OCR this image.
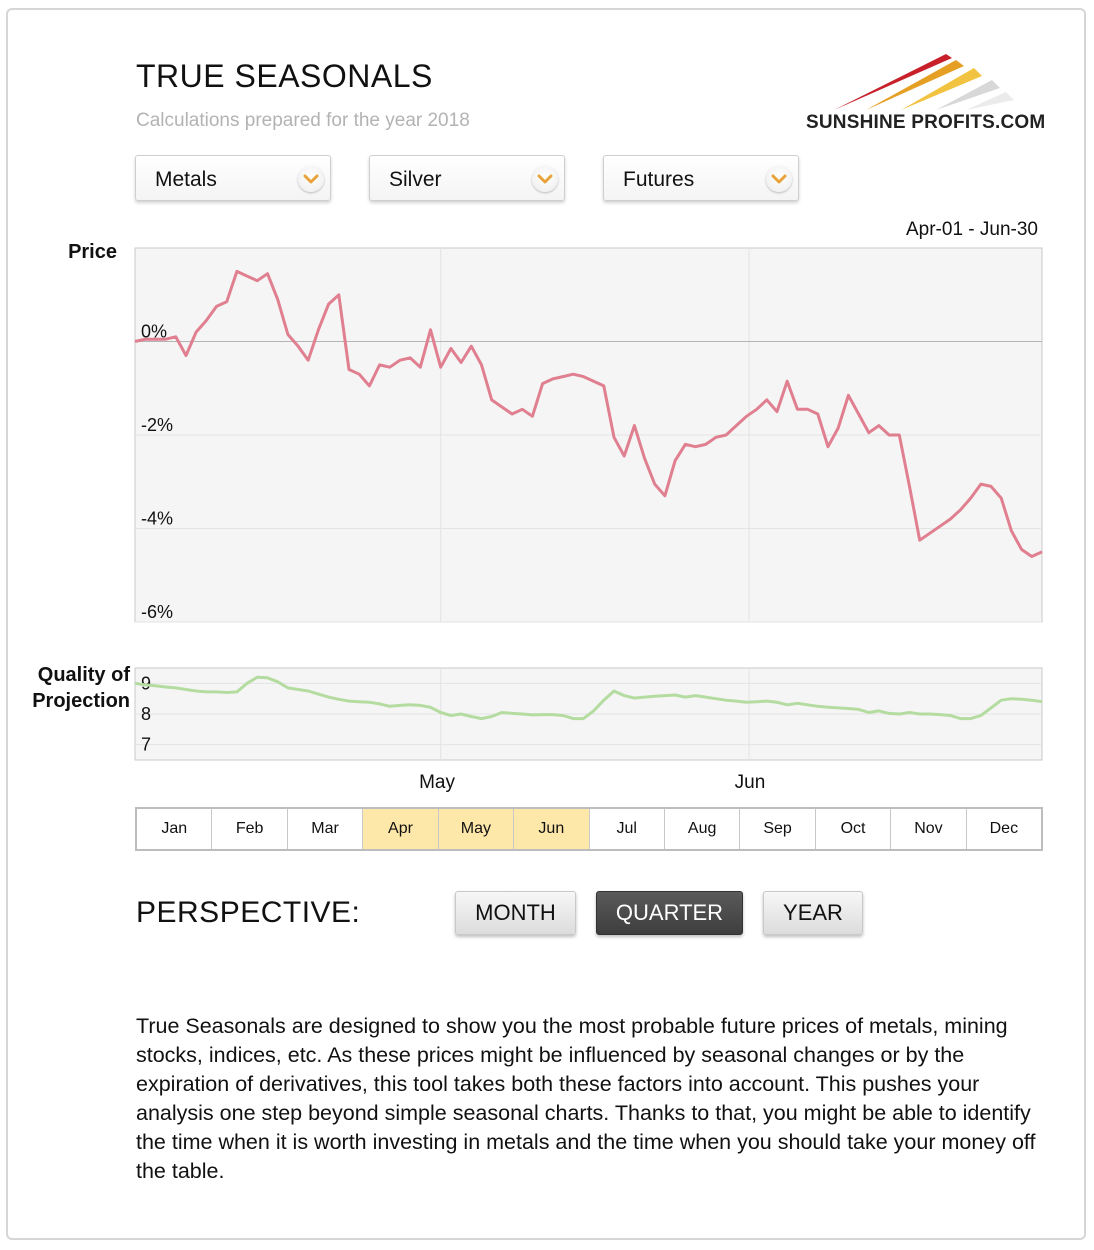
TRUE SEASONALS
Calculations prepared for the year 2018	SUNSHINE PROFITS.COM
Metals	Silver	Futures
Apr-01 - Jun-30
Price
Quality of Projection
0%
-2%
-4%
-6%
9
8
7
May	Jun
Jan	Feb	Mar	Apr	May	Jun	Jul	Aug	Sep	Oct	Nov	Dec
PERSPECTIVE:	MONTH	QUARTER	YEAR
True Seasonals are designed to show you the most probable future prices of metals, mining stocks, indices, etc. As these prices might be influenced by seasonal changes or by the expiration of derivatives, this tool takes both these factors into account. This pushes your analysis one step beyond simple seasonal charts. Thanks to that, you might be able to identify the time when it is worth investing in metals and the time when you should take your money off the table.
